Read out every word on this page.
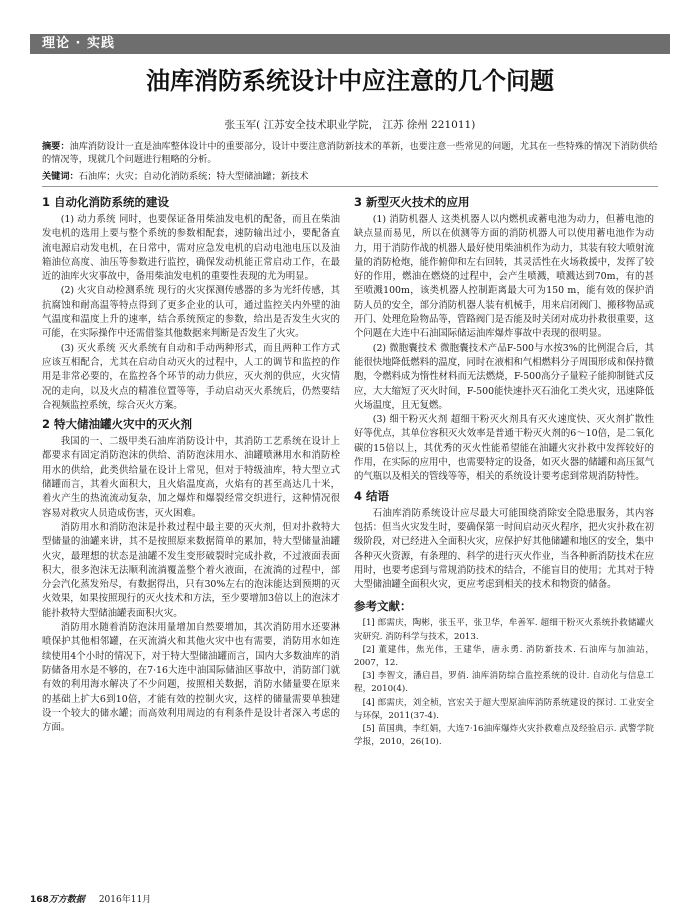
理论 · 实践
油库消防系统设计中应注意的几个问题
张玉军( 江苏安全技术职业学院， 江苏 徐州 221011)
摘要：油库消防设计一直是油库整体设计中的重要部分，设计中要注意消防新技术的革新，也要注意一些常见的问题，尤其在一些特殊的情况下消防供给的情况等，现就几个问题进行粗略的分析。
关键词：石油库；火灾；自动化消防系统；特大型储油罐；新技术
1 自动化消防系统的建设

(1) 动力系统 同时，也要保证备用柴油发电机的配备，而且在柴油发电机的选用上要与整个系统的参数相配套，速防输出过小，要配备直流电源启动发电机，在日常中，需对应急发电机的启动电池电压以及油箱油位高度、油压等参数进行监控，确保发动机能正常启动工作，在最近的油库火灾事故中，备用柴油发电机的重要性表现的尤为明显。

(2) 火灾自动检测系统 现行的火灾探测传感器的多为光纤传感，其抗腐蚀和耐高温等特点得到了更多企业的认可，通过监控关内外壁的油气温度和温度上升的速率，结合系统预定的参数，给出是否发生火灾的可能，在实际操作中还需借鉴其他数据来判断是否发生了火灾。

(3) 灭火系统 灭火系统有自动和手动两种形式，而且两种工作方式应该互相配合，尤其在启动自动灭火的过程中，人工的调节和监控的作用是非常必要的，在监控各个环节的动力供应，灭火剂的供应，火灾情况的走向，以及火点的精准位置等等，手动启动灭火系统后，仍然要结合视频监控系统，综合灭火方案。

2 特大储油罐火灾中的灭火剂

我国的一、二级甲类石油库消防设计中，其消防工艺系统在设计上都要求有固定消防泡沫的供给、消防泡沫用水、油罐喷淋用水和消防栓用水的供给，此类供给量在设计上常见，但对于特级油库，特大型立式储罐而言，其着火面积大，且火焰温度高，火焰有的甚至高达几十米，着火产生的热流流动复杂，加之爆炸和爆裂经常交织进行，这种情况很容易对救灾人员造成伤害，灭火困难。

消防用水和消防泡沫是扑救过程中最主要的灭火剂，但对扑救特大型储量的油罐来讲，其不是按照原来数据简单的累加，特大型储量油罐火灾，最理想的状态是油罐不发生变形破裂时完成扑救，不过液面表面积大，很多泡沫无法顺利流淌覆盖整个着火液面，在流淌的过程中，部分会汽化蒸发殆尽，有数据得出，只有30%左右的泡沫能达到预期的灭火效果，如果按照现行的灭火技术和方法，至少要增加3倍以上的泡沫才能扑救特大型储油罐表面积火灾。

消防用水随着消防泡沫用量增加自然要增加，其次消防用水还要淋喷保护其他相邻罐，在灭流淌火和其他火灾中也有需要，消防用水如连续使用4个小时的情况下，对于特大型储油罐而言，国内大多数油库的消防储备用水是不够的，在7·16大连中油国际储油区事故中，消防部门就有效的利用海水解决了不少问题，按照相关数据，消防水储量要在原来的基础上扩大6到10倍，才能有效的控制火灾，这样的储量需要单独建设一个较大的储水罐；而高效利用周边的有利条件是设计者深入考虑的方面。

3 新型灭火技术的应用

(1) 消防机器人 这类机器人以内燃机或蓄电池为动力，但蓄电池的缺点显而易见，所以在侦测等方面的消防机器人可以使用蓄电池作为动力，用于消防作战的机器人最好使用柴油机作为动力，其装有较大喷射流量的消防枪炮，能作俯仰和左右回转，其灵活性在火场救援中，发挥了较好的作用，燃油在燃烧的过程中，会产生喷溅，喷溅达到70m，有的甚至喷溅100m，该类机器人控制距离最大可为150 m，能有效的保护消防人员的安全，部分消防机器人装有机械手，用来启闭阀门、搬移物品或开门、处理危险物品等，管路阀门是否能及时关闭对成功扑救很重要，这个问题在大连中石油国际储运油库爆炸事故中表现的很明显。

(2) 微胞囊技术 微胞囊技术产品F-500与水按3%的比例混合后，其能很快地降低燃料的温度，同时在液相和气相燃料分子周围形成和保持微胞，令燃料成为惰性材料而无法燃烧，F-500高分子量粒子能抑制链式反应，大大缩短了灭火时间，F-500能快速扑灭石油化工类火灾，迅速降低火场温度，且无复燃。

(3) 细干粉灭火剂 超细干粉灭火剂具有灭火速度快、灭火剂扩散性好等优点，其单位容积灭火效率是普通干粉灭火剂的6～10倍，是二氧化碳的15倍以上，其优秀的灭火性能希望能在油罐火灾扑救中发挥较好的作用，在实际的应用中，也需要特定的设备，如灭火器的储罐和高压氮气的气瓶以及相关的管线等等，相关的系统设计要考虑到常规消防特性。

4 结语

石油库消防系统设计应尽最大可能围绕消除安全隐患服务，其内容包括：但当火灾发生时，要确保第一时间启动灭火程序，把火灾扑救在初级阶段，对已经进入全面积火灾，应保护好其他储罐和地区的安全，集中各种灭火资源，有条理的、科学的进行灭火作业，当各种新消防技术在应用时，也要考虑到与常规消防技术的结合，不能盲目的使用；尤其对于特大型储油罐全面积火灾，更应考虑到相关的技术和物资的储备。

参考文献：
[1] 郎需庆，陶彬，张玉平，张卫华，牟善军. 超细干粉灭火系统扑救储罐火灾研究. 消防科学与技术，2013.
[2] 董建伟，焦光伟，王建华，唐永勇. 消防新技术. 石油库与加油站，2007，12.
[3] 李智文，潘启昌，罗俏. 油库消防综合监控系统的设计. 自动化与信息工程，2010(4).
[4] 郎需庆，刘全桢，宫宏关于超大型原油库消防系统建设的探讨. 工业安全与环保，2011(37-4).
[5] 苗国典，李红娟，大连7·16油库爆炸火灾扑救难点及经验启示. 武警学院学报，2010，26(10).
168万方数据 2016年11月
